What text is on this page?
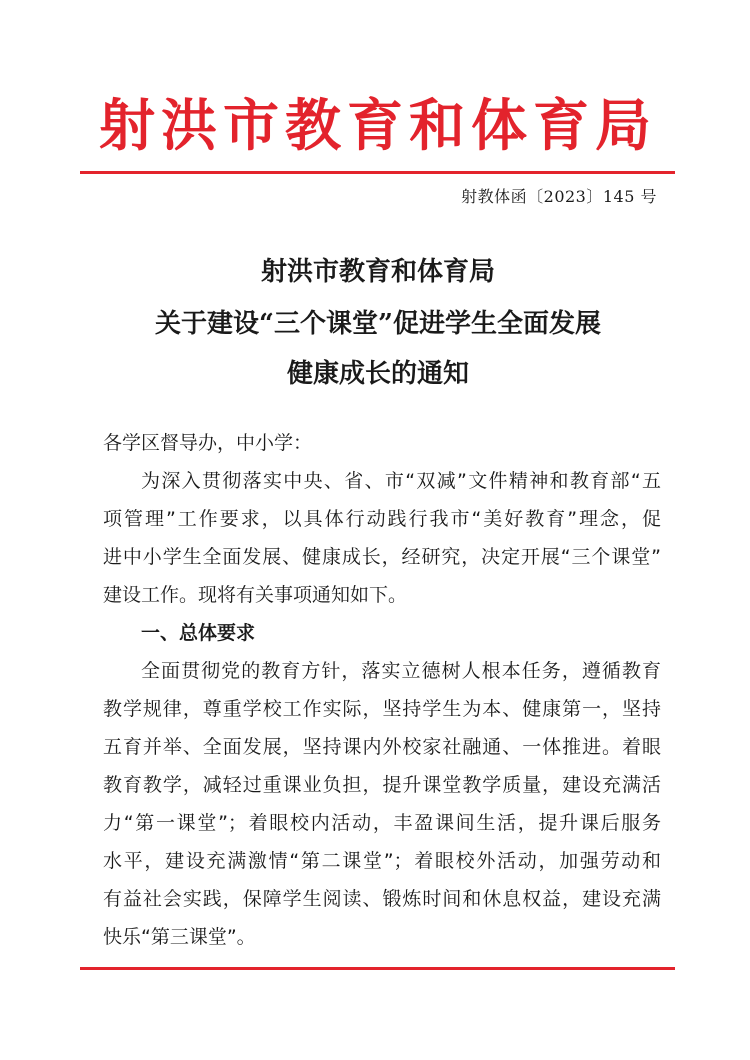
射洪市教育和体育局
射教体函〔2023〕145 号
射洪市教育和体育局
关于建设“三个课堂”促进学生全面发展
健康成长的通知
各学区督导办，中小学：
为深入贯彻落实中央、省、市“双减”文件精神和教育部“五
项管理”工作要求，以具体行动践行我市“美好教育”理念，促
进中小学生全面发展、健康成长，经研究，决定开展“三个课堂”
建设工作。现将有关事项通知如下。
一、总体要求
全面贯彻党的教育方针，落实立德树人根本任务，遵循教育
教学规律，尊重学校工作实际，坚持学生为本、健康第一，坚持
五育并举、全面发展，坚持课内外校家社融通、一体推进。着眼
教育教学，减轻过重课业负担，提升课堂教学质量，建设充满活
力“第一课堂”；着眼校内活动，丰盈课间生活，提升课后服务
水平，建设充满激情“第二课堂”；着眼校外活动，加强劳动和
有益社会实践，保障学生阅读、锻炼时间和休息权益，建设充满
快乐“第三课堂”。
